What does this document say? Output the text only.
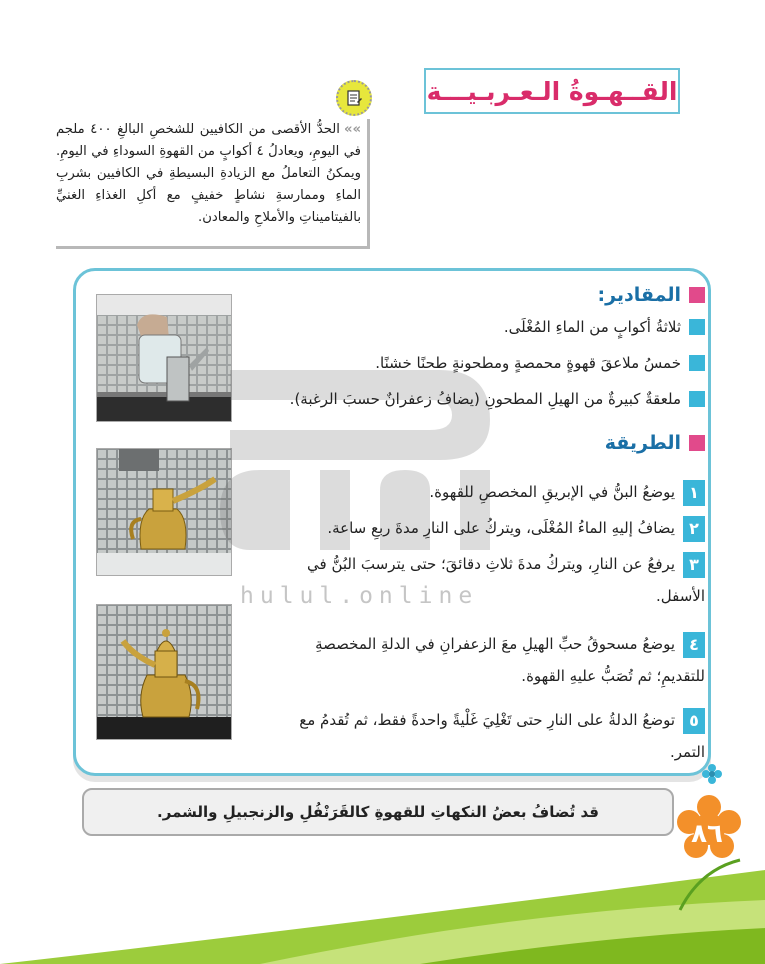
القــهـوةُ الـعـربـيـــة
»»الحدُّ الأقصى من الكافيين للشخصِ البالغِ ٤٠٠ ملجم في اليومِ، ويعادلُ ٤ أكوابٍ من القهوةِ السوداءِ في اليومِ. ويمكنُ التعاملُ مع الزيادةِ البسيطةِ في الكافيين بشربِ الماءِ وممارسةِ نشاطٍ خفيفٍ مع أكلِ الغذاءِ الغنيِّ بالفيتاميناتِ والأملاحِ والمعادن.
hulul.online
المقادير:
ثلاثةُ أكوابٍ من الماءِ المُغْلَى.
خمسُ ملاعقَ قهوةٍ محمصةٍ ومطحونةٍ طحنًا خشنًا.
ملعقةٌ كبيرةٌ من الهيلِ المطحونِ (يضافُ زعفرانٌ حسبَ الرغبة).
الطريقة
١يوضعُ البنُّ في الإبريقِ المخصصِ للقهوة.
٢يضافُ إليهِ الماءُ المُغْلَى، ويتركُ على النارِ مدةَ ربعِ ساعة.
٣يرفعُ عن النارِ، ويتركُ مدةَ ثلاثِ دقائقَ؛ حتى يترسبَ البُنُّ في الأسفل.
٤يوضعُ مسحوقُ حبِّ الهيلِ معَ الزعفرانِ في الدلةِ المخصصةِ للتقديمِ؛ ثم تُصَبُّ عليهِ القهوة.
٥توضعُ الدلةُ على النارِ حتى تَغْلِيَ غَلْيةً واحدةً فقط، ثم تُقدمُ مع التمر.
قد تُضافُ بعضُ النكهاتِ للقهوةِ كالقَرَنْفُلِ والزنجبيلِ والشمر.
٨٦
